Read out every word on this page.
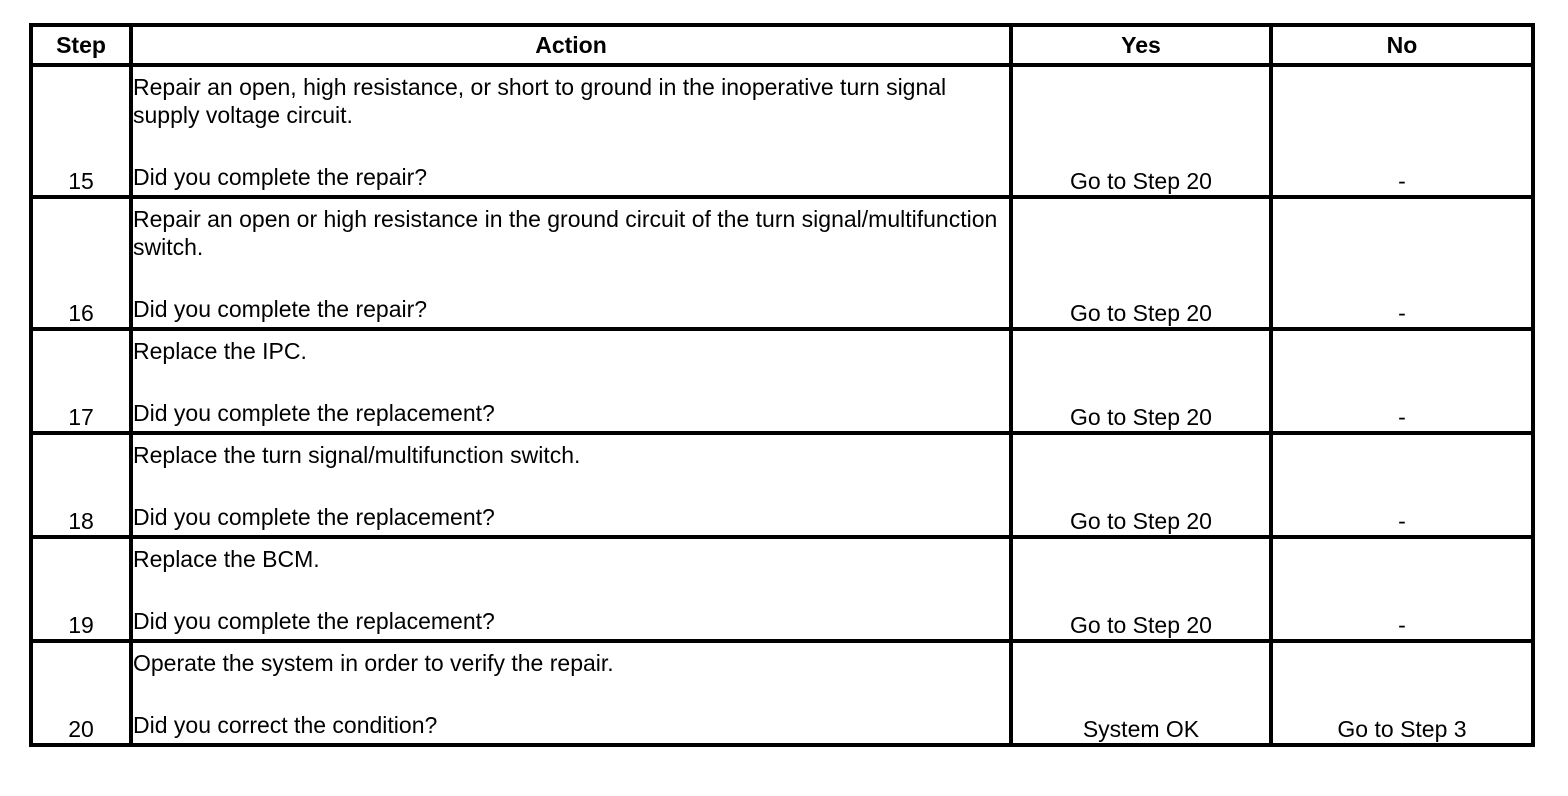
Step	Action	Yes	No
15	Repair an open, high resistance, or short to ground in the inoperative turn signal supply voltage circuit.
Did you complete the repair?	Go to Step 20	-
16	Repair an open or high resistance in the ground circuit of the turn signal/multifunction switch.
Did you complete the repair?	Go to Step 20	-
17	Replace the IPC.
Did you complete the replacement?	Go to Step 20	-
18	Replace the turn signal/multifunction switch.
Did you complete the replacement?	Go to Step 20	-
19	Replace the BCM.
Did you complete the replacement?	Go to Step 20	-
20	Operate the system in order to verify the repair.
Did you correct the condition?	System OK	Go to Step 3
